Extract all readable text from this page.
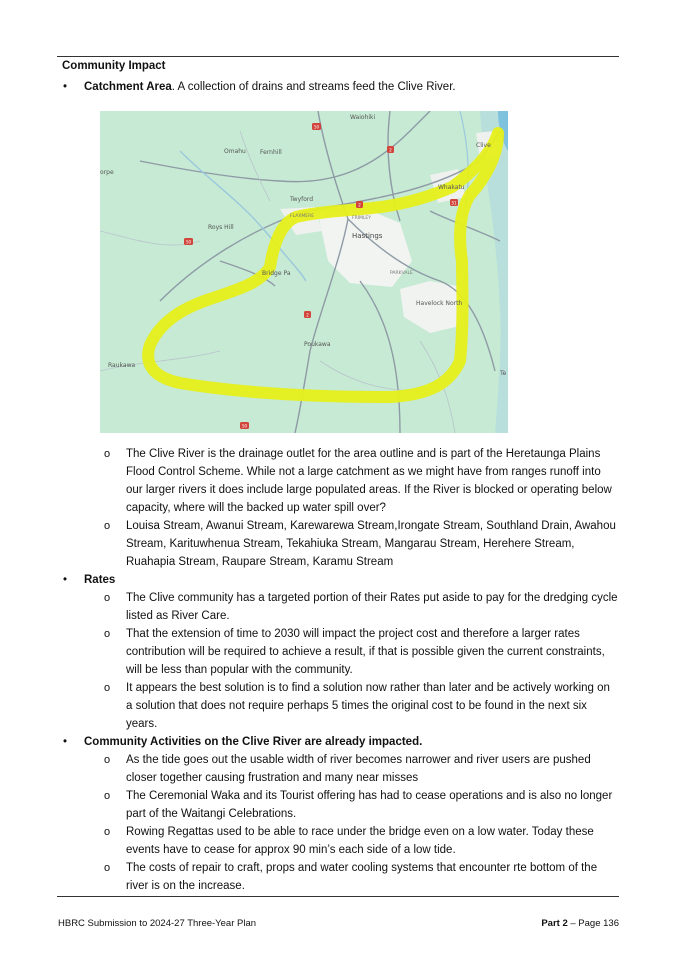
Community Impact
•	Catchment Area. A collection of drains and streams feed the Clive River.
50
2
50
51
2
2
50
Waiohiki
Omahu Fernhill
Twyford
FLAXMERE	FRIMLEY
Hastings
PARKVALE
Whakatu
Clive
Roys Hill
Bridge Pa
Havelock North
Poukawa
Raukawa
orpe
Te
o The Clive River is the drainage outlet for the area outline and is part of the Heretaunga Plains Flood Control Scheme. While not a large catchment as we might have from ranges runoff into our larger rivers it does include large populated areas. If the River is blocked or operating below capacity, where will the backed up water spill over?
o Louisa Stream, Awanui Stream, Karewarewa Stream,Irongate Stream, Southland Drain, Awahou Stream, Karituwhenua Stream, Tekahiuka Stream, Mangarau Stream, Herehere Stream, Ruahapia Stream, Raupare Stream, Karamu Stream
•	Rates
o The Clive community has a targeted portion of their Rates put aside to pay for the dredging cycle listed as River Care.
o That the extension of time to 2030 will impact the project cost and therefore a larger rates contribution will be required to achieve a result, if that is possible given the current constraints, will be less than popular with the community.
o It appears the best solution is to find a solution now rather than later and be actively working on a solution that does not require perhaps 5 times the original cost to be found in the next six years.
•	Community Activities on the Clive River are already impacted.
o As the tide goes out the usable width of river becomes narrower and river users are pushed closer together causing frustration and many near misses
o The Ceremonial Waka and its Tourist offering has had to cease operations and is also no longer part of the Waitangi Celebrations.
o Rowing Regattas used to be able to race under the bridge even on a low water. Today these events have to cease for approx 90 min’s each side of a low tide.
o The costs of repair to craft, props and water cooling systems that encounter rte bottom of the river is on the increase.
HBRC Submission to 2024-27 Three-Year Plan	Part 2 – Page 136
